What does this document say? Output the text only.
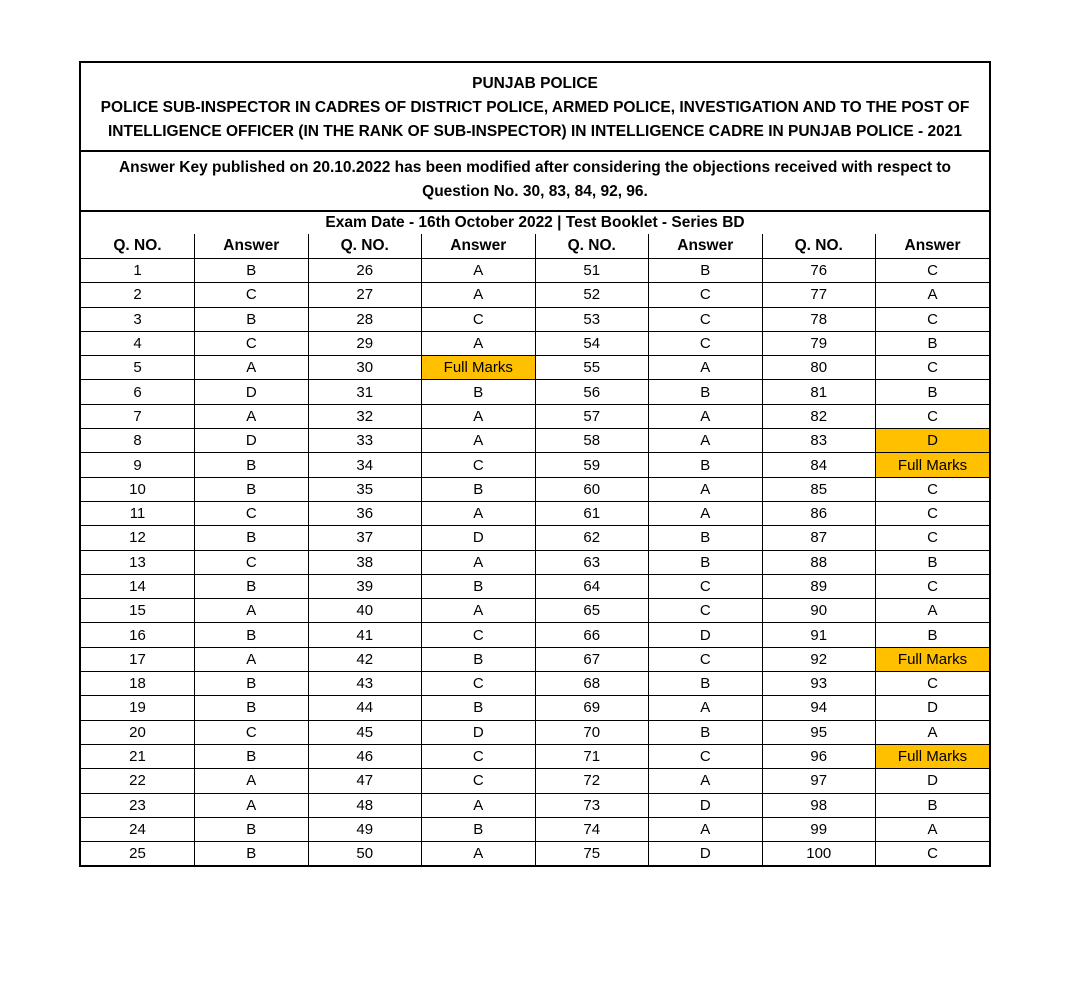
PUNJAB POLICE
POLICE SUB-INSPECTOR IN CADRES OF DISTRICT POLICE, ARMED POLICE, INVESTIGATION AND TO THE POST OF
INTELLIGENCE OFFICER (IN THE RANK OF SUB-INSPECTOR) IN INTELLIGENCE CADRE IN PUNJAB POLICE - 2021
Answer Key published on 20.10.2022 has been modified after considering the objections received with respect to
Question No. 30, 83, 84, 92, 96.
Exam Date - 16th October 2022 | Test Booklet - Series BD
Q. NO.	Answer	Q. NO.	Answer	Q. NO.	Answer	Q. NO.	Answer
1	B	26	A	51	B	76	C
2	C	27	A	52	C	77	A
3	B	28	C	53	C	78	C
4	C	29	A	54	C	79	B
5	A	30	Full Marks	55	A	80	C
6	D	31	B	56	B	81	B
7	A	32	A	57	A	82	C
8	D	33	A	58	A	83	D
9	B	34	C	59	B	84	Full Marks
10	B	35	B	60	A	85	C
11	C	36	A	61	A	86	C
12	B	37	D	62	B	87	C
13	C	38	A	63	B	88	B
14	B	39	B	64	C	89	C
15	A	40	A	65	C	90	A
16	B	41	C	66	D	91	B
17	A	42	B	67	C	92	Full Marks
18	B	43	C	68	B	93	C
19	B	44	B	69	A	94	D
20	C	45	D	70	B	95	A
21	B	46	C	71	C	96	Full Marks
22	A	47	C	72	A	97	D
23	A	48	A	73	D	98	B
24	B	49	B	74	A	99	A
25	B	50	A	75	D	100	C
